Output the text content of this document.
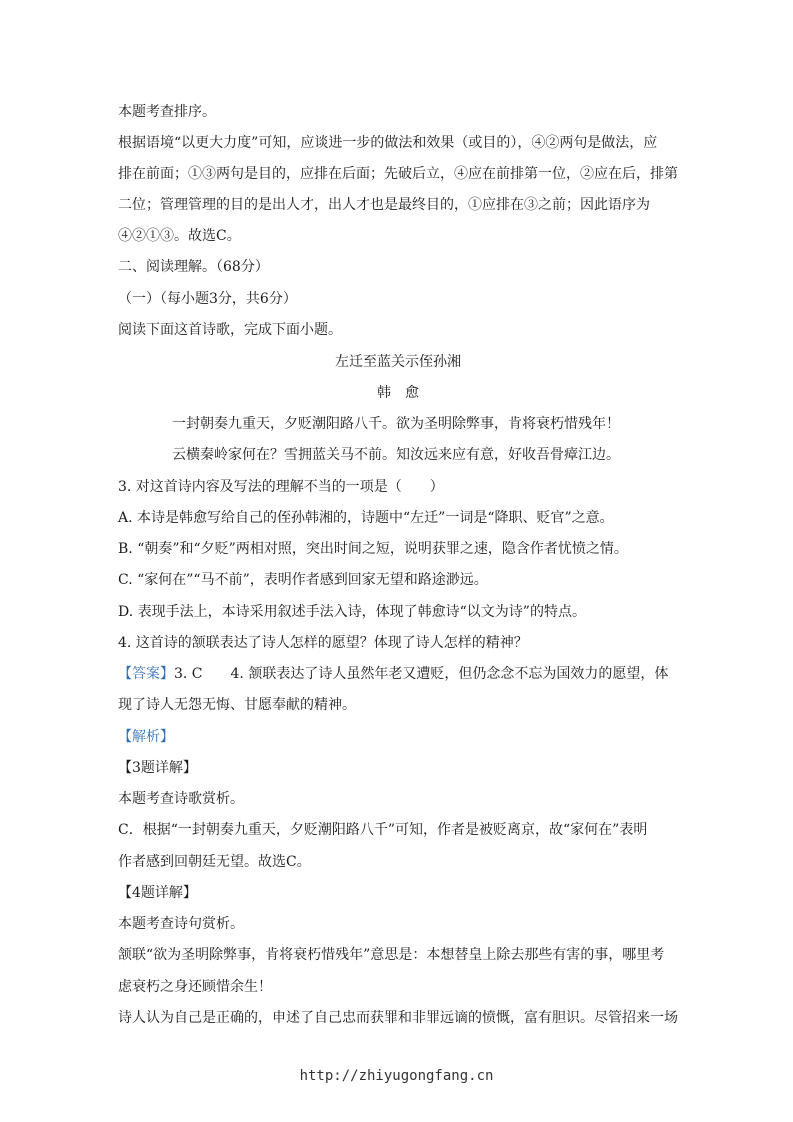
本题考查排序。
根据语境“以更大力度”可知，应谈进一步的做法和效果（或目的），④②两句是做法，应
排在前面；①③两句是目的，应排在后面；先破后立，④应在前排第一位，②应在后，排第
二位；管理管理的目的是出人才，出人才也是最终目的，①应排在③之前；因此语序为
④②①③。故选C。
二、阅读理解。（68分）
（一）（每小题3分，共6分）
阅读下面这首诗歌，完成下面小题。
左迁至蓝关示侄孙湘
韩　愈
一封朝奏九重天，夕贬潮阳路八千。欲为圣明除弊事，肯将衰朽惜残年！
云横秦岭家何在？雪拥蓝关马不前。知汝远来应有意，好收吾骨瘴江边。
3. 对这首诗内容及写法的理解不当的一项是（　　）
A. 本诗是韩愈写给自己的侄孙韩湘的，诗题中“左迁”一词是“降职、贬官”之意。
B. “朝奏”和“夕贬”两相对照，突出时间之短，说明获罪之速，隐含作者忧愤之情。
C. “家何在”“马不前”，表明作者感到回家无望和路途渺远。
D. 表现手法上，本诗采用叙述手法入诗，体现了韩愈诗“以文为诗”的特点。
4. 这首诗的颔联表达了诗人怎样的愿望？体现了诗人怎样的精神？
【答案】3. C　　4. 颔联表达了诗人虽然年老又遭贬，但仍念念不忘为国效力的愿望，体
现了诗人无怨无悔、甘愿奉献的精神。
【解析】
【3题详解】
本题考查诗歌赏析。
C．根据“一封朝奏九重天，夕贬潮阳路八千”可知，作者是被贬离京，故“家何在”表明
作者感到回朝廷无望。故选C。
【4题详解】
本题考查诗句赏析。
颔联“欲为圣明除弊事，肯将衰朽惜残年”意思是：本想替皇上除去那些有害的事，哪里考
虑衰朽之身还顾惜余生！
诗人认为自己是正确的，申述了自己忠而获罪和非罪远谪的愤慨，富有胆识。尽管招来一场
http://zhiyugongfang.cn
